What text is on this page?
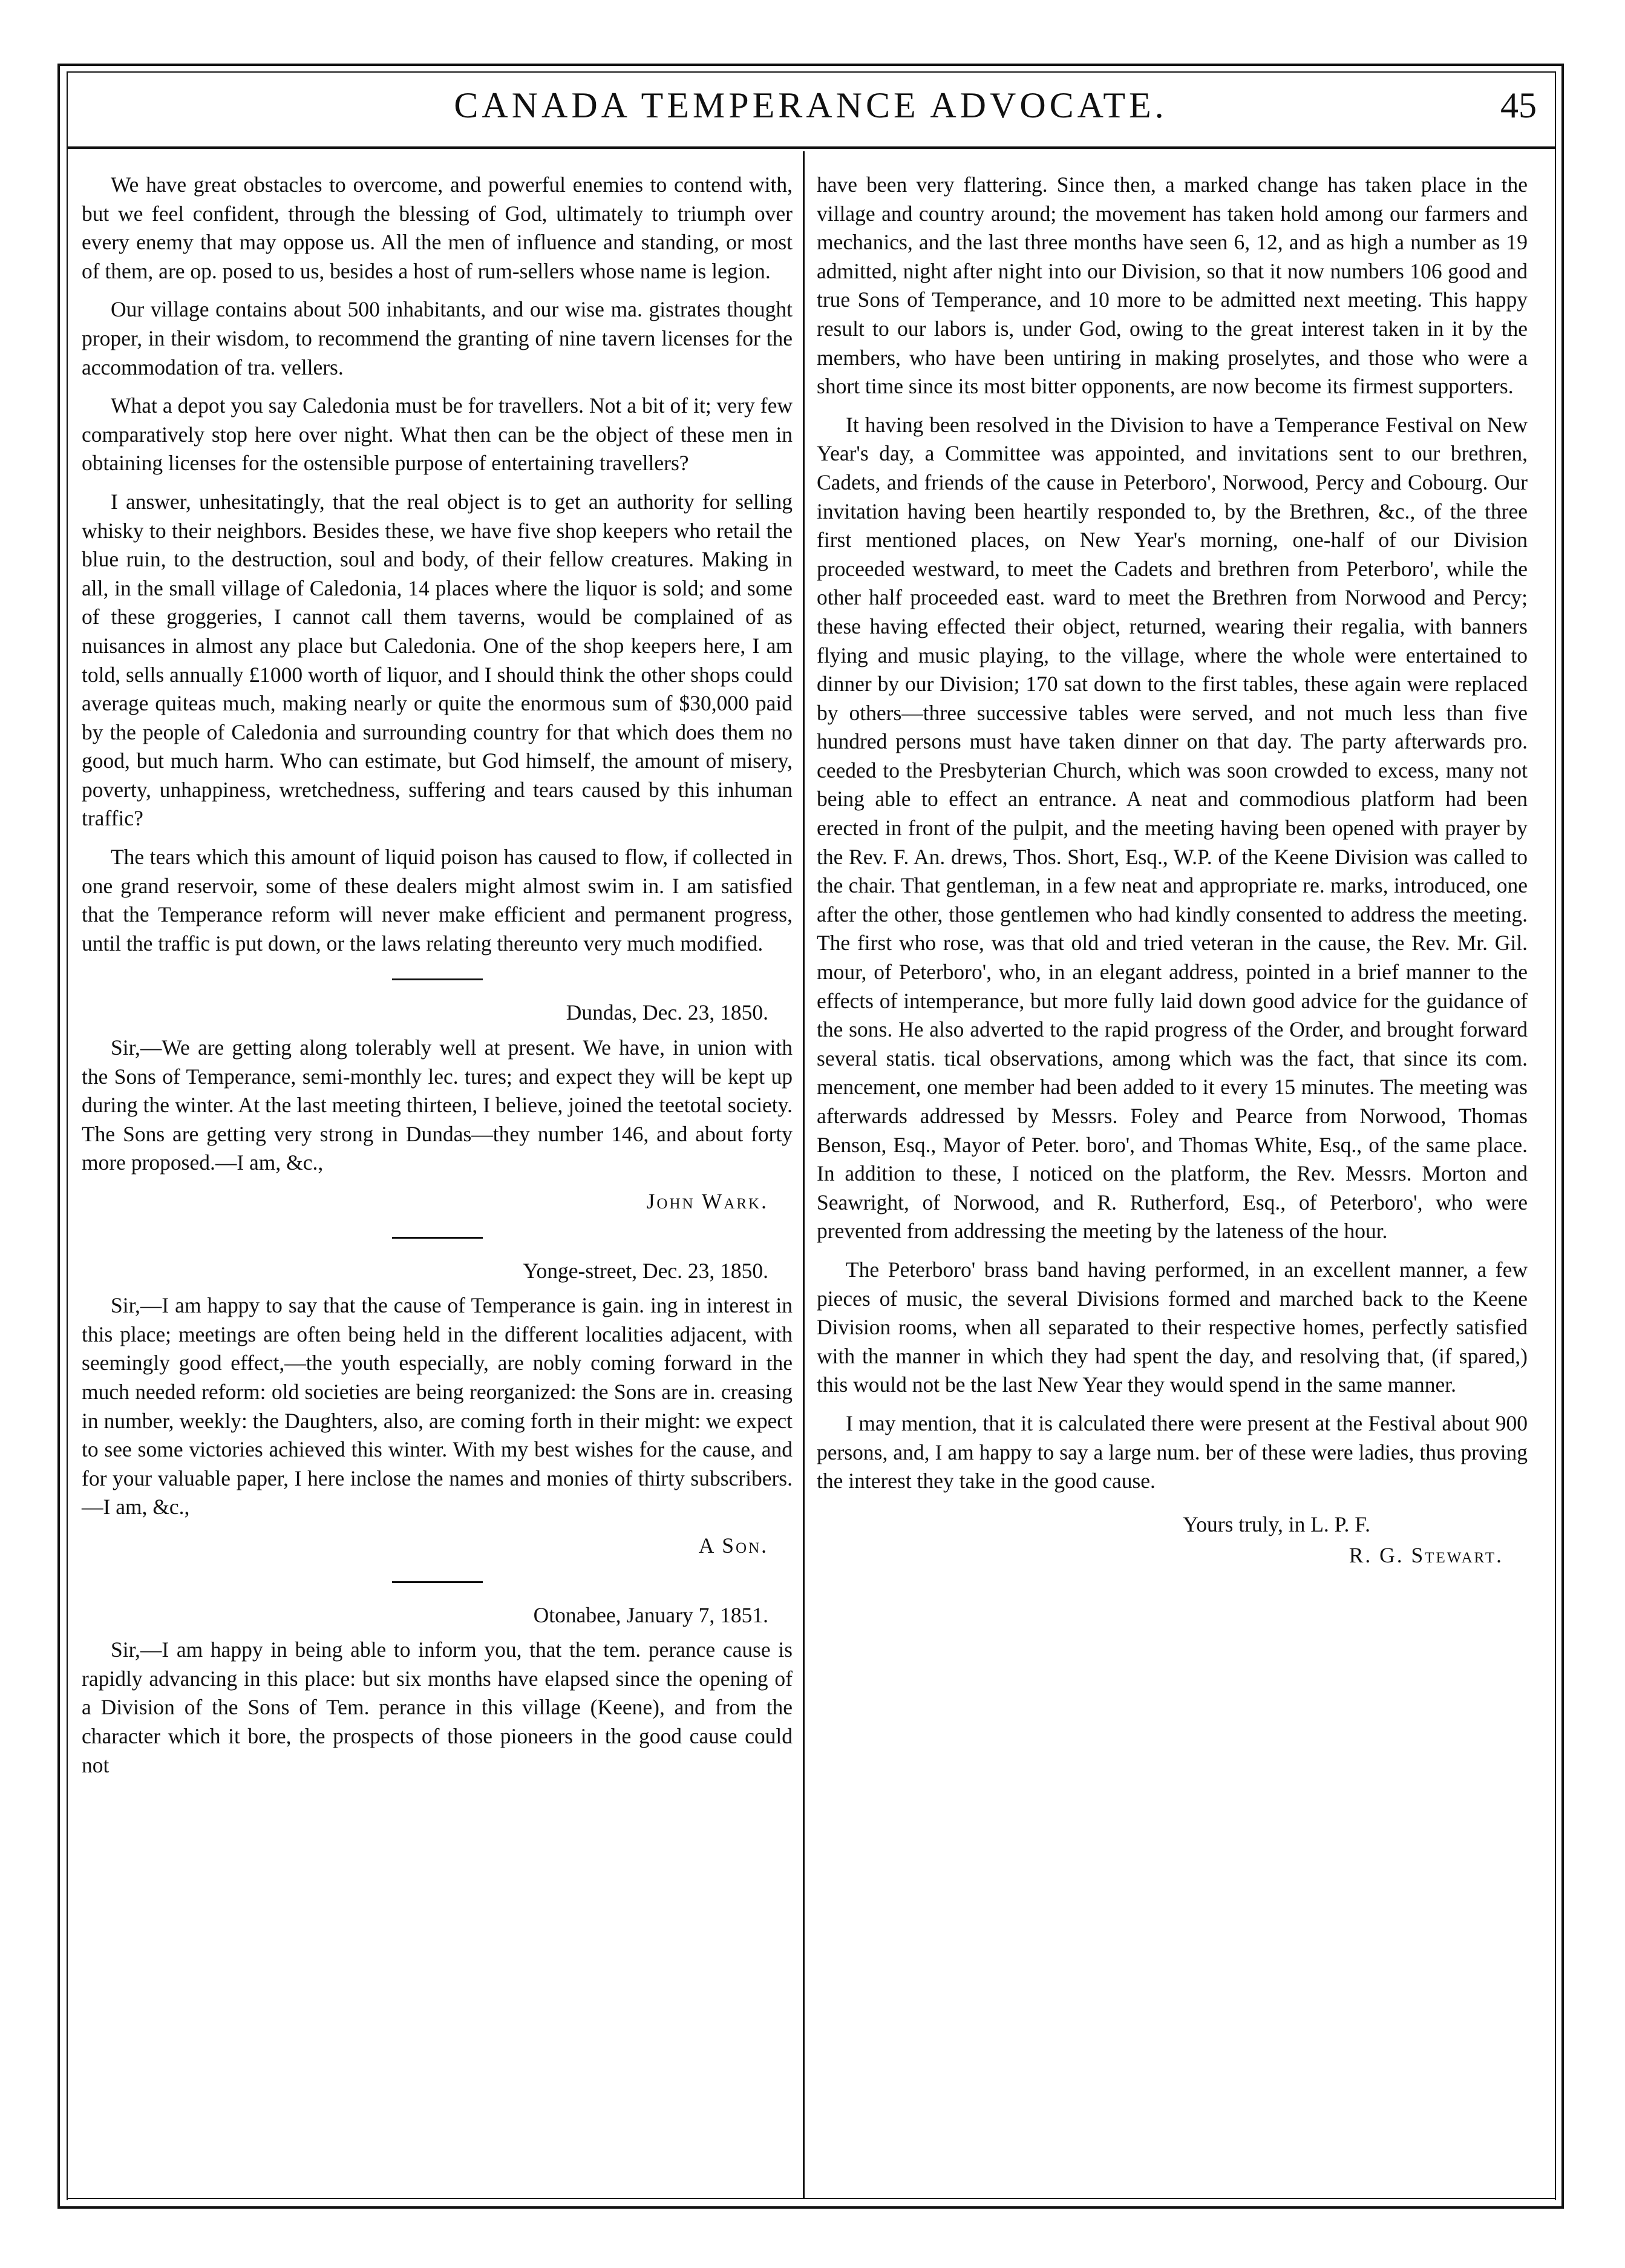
CANADA TEMPERANCE ADVOCATE.	45

We have great obstacles to overcome, and powerful enemies to contend with, but we feel confident, through the blessing of God, ultimately to triumph over every enemy that may oppose us. All the men of influence and standing, or most of them, are op. posed to us, besides a host of rum-sellers whose name is legion.

Our village contains about 500 inhabitants, and our wise ma. gistrates thought proper, in their wisdom, to recommend the granting of nine tavern licenses for the accommodation of tra. vellers.

What a depot you say Caledonia must be for travellers. Not a bit of it; very few comparatively stop here over night. What then can be the object of these men in obtaining licenses for the ostensible purpose of entertaining travellers?

I answer, unhesitatingly, that the real object is to get an authority for selling whisky to their neighbors. Besides these, we have five shop keepers who retail the blue ruin, to the destruction, soul and body, of their fellow creatures. Making in all, in the small village of Caledonia, 14 places where the liquor is sold; and some of these groggeries, I cannot call them taverns, would be complained of as nuisances in almost any place but Caledonia. One of the shop keepers here, I am told, sells annually £1000 worth of liquor, and I should think the other shops could average quiteas much, making nearly or quite the enormous sum of $30,000 paid by the people of Caledonia and surrounding country for that which does them no good, but much harm. Who can estimate, but God himself, the amount of misery, poverty, unhappiness, wretchedness, suffering and tears caused by this inhuman traffic?

The tears which this amount of liquid poison has caused to flow, if collected in one grand reservoir, some of these dealers might almost swim in. I am satisfied that the Temperance reform will never make efficient and permanent progress, until the traffic is put down, or the laws relating thereunto very much modified.

Dundas, Dec. 23, 1850.

Sir,—We are getting along tolerably well at present. We have, in union with the Sons of Temperance, semi-monthly lec. tures; and expect they will be kept up during the winter. At the last meeting thirteen, I believe, joined the teetotal society. The Sons are getting very strong in Dundas—they number 146, and about forty more proposed.—I am, &c.,

John Wark.
Yonge-street, Dec. 23, 1850.

Sir,—I am happy to say that the cause of Temperance is gain. ing in interest in this place; meetings are often being held in the different localities adjacent, with seemingly good effect,—the youth especially, are nobly coming forward in the much needed reform: old societies are being reorganized: the Sons are in. creasing in number, weekly: the Daughters, also, are coming forth in their might: we expect to see some victories achieved this winter. With my best wishes for the cause, and for your valuable paper, I here inclose the names and monies of thirty subscribers.—I am, &c.,

A Son.
Otonabee, January 7, 1851.

Sir,—I am happy in being able to inform you, that the tem. perance cause is rapidly advancing in this place: but six months have elapsed since the opening of a Division of the Sons of Tem. perance in this village (Keene), and from the character which it bore, the prospects of those pioneers in the good cause could not

have been very flattering. Since then, a marked change has taken place in the village and country around; the movement has taken hold among our farmers and mechanics, and the last three months have seen 6, 12, and as high a number as 19 admitted, night after night into our Division, so that it now numbers 106 good and true Sons of Temperance, and 10 more to be admitted next meeting. This happy result to our labors is, under God, owing to the great interest taken in it by the members, who have been untiring in making proselytes, and those who were a short time since its most bitter opponents, are now become its firmest supporters.

It having been resolved in the Division to have a Temperance Festival on New Year's day, a Committee was appointed, and invitations sent to our brethren, Cadets, and friends of the cause in Peterboro', Norwood, Percy and Cobourg. Our invitation having been heartily responded to, by the Brethren, &c., of the three first mentioned places, on New Year's morning, one-half of our Division proceeded westward, to meet the Cadets and brethren from Peterboro', while the other half proceeded east. ward to meet the Brethren from Norwood and Percy; these having effected their object, returned, wearing their regalia, with banners flying and music playing, to the village, where the whole were entertained to dinner by our Division; 170 sat down to the first tables, these again were replaced by others—three successive tables were served, and not much less than five hundred persons must have taken dinner on that day. The party afterwards pro. ceeded to the Presbyterian Church, which was soon crowded to excess, many not being able to effect an entrance. A neat and commodious platform had been erected in front of the pulpit, and the meeting having been opened with prayer by the Rev. F. An. drews, Thos. Short, Esq., W.P. of the Keene Division was called to the chair. That gentleman, in a few neat and appropriate re. marks, introduced, one after the other, those gentlemen who had kindly consented to address the meeting. The first who rose, was that old and tried veteran in the cause, the Rev. Mr. Gil. mour, of Peterboro', who, in an elegant address, pointed in a brief manner to the effects of intemperance, but more fully laid down good advice for the guidance of the sons. He also adverted to the rapid progress of the Order, and brought forward several statis. tical observations, among which was the fact, that since its com. mencement, one member had been added to it every 15 minutes. The meeting was afterwards addressed by Messrs. Foley and Pearce from Norwood, Thomas Benson, Esq., Mayor of Peter. boro', and Thomas White, Esq., of the same place. In addition to these, I noticed on the platform, the Rev. Messrs. Morton and Seawright, of Norwood, and R. Rutherford, Esq., of Peterboro', who were prevented from addressing the meeting by the lateness of the hour.

The Peterboro' brass band having performed, in an excellent manner, a few pieces of music, the several Divisions formed and marched back to the Keene Division rooms, when all separated to their respective homes, perfectly satisfied with the manner in which they had spent the day, and resolving that, (if spared,) this would not be the last New Year they would spend in the same manner.

I may mention, that it is calculated there were present at the Festival about 900 persons, and, I am happy to say a large num. ber of these were ladies, thus proving the interest they take in the good cause.

Yours truly, in L. P. F.
R. G. Stewart.
